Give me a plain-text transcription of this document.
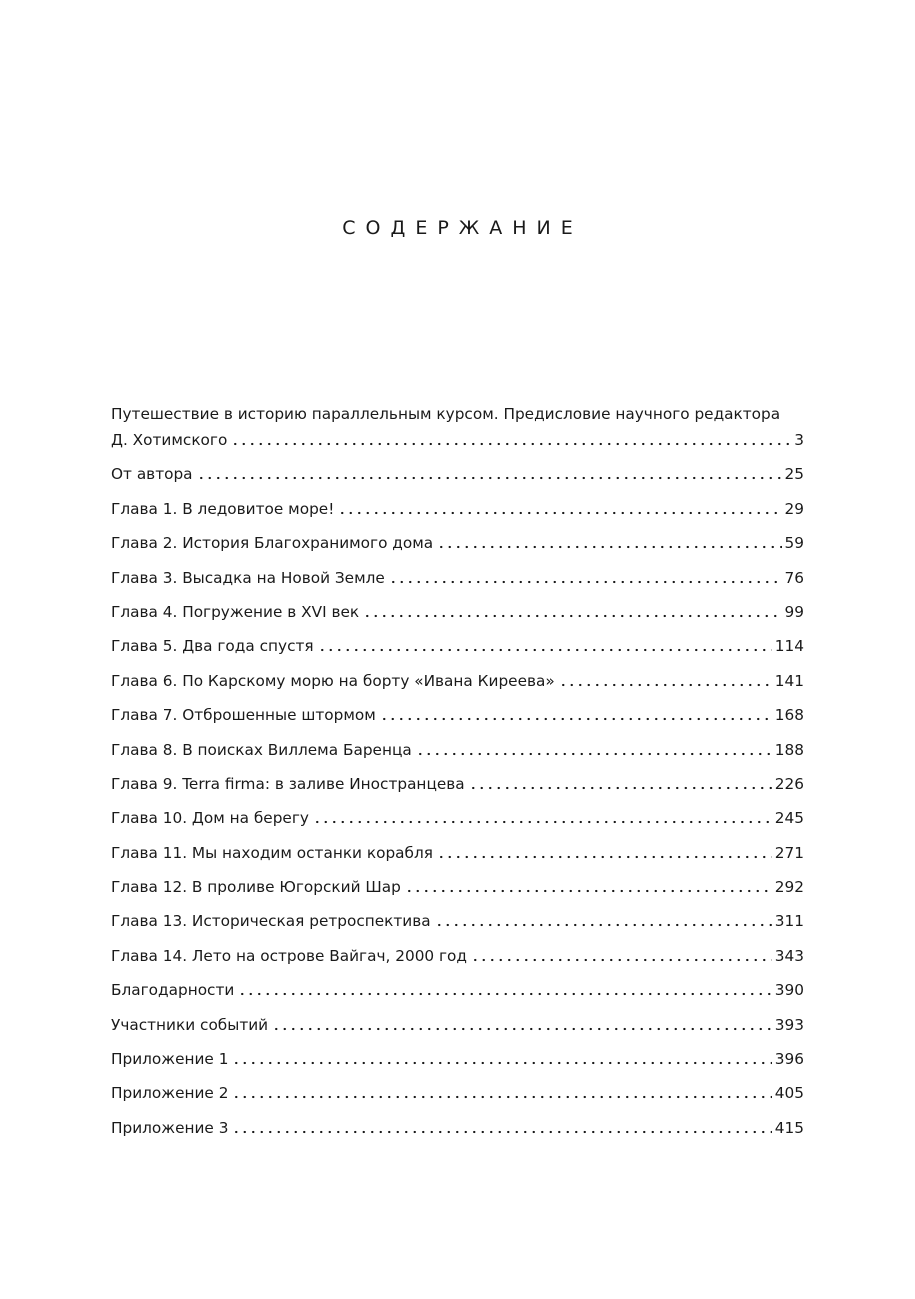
СОДЕРЖАНИЕ
Путешествие в историю параллельным курсом. Предисловие научного редактора
Д. Хотимского	3
От автора	25
Глава 1. В ледовитое море!	29
Глава 2. История Благохранимого дома	59
Глава 3. Высадка на Новой Земле	76
Глава 4. Погружение в XVI век	99
Глава 5. Два года спустя	114
Глава 6. По Карскому морю на борту «Ивана Киреева»	141
Глава 7. Отброшенные штормом	168
Глава 8. В поисках Виллема Баренца	188
Глава 9. Terra firma: в заливе Иностранцева	226
Глава 10. Дом на берегу	245
Глава 11. Мы находим останки корабля	271
Глава 12. В проливе Югорский Шар	292
Глава 13. Историческая ретроспектива	311
Глава 14. Лето на острове Вайгач, 2000 год	343
Благодарности	390
Участники событий	393
Приложение 1	396
Приложение 2	405
Приложение 3	415
